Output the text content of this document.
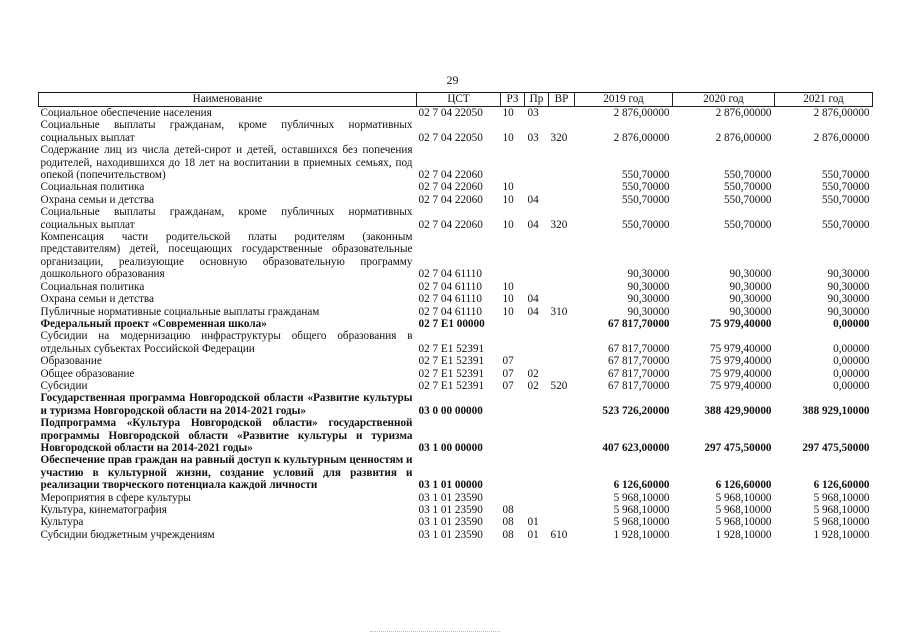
29
Наименование	ЦСТ	РЗ	Пр	ВР	2019 год	2020 год	2021 год

Социальное обеспечение населения	02 7 04 22050	10	03		2 876,00000	2 876,00000	2 876,00000

Социальные выплаты гражданам, кроме публичных нормативных социальных выплат	02 7 04 22050	10	03	320	2 876,00000	2 876,00000	2 876,00000

Содержание лиц из числа детей-сирот и детей, оставшихся без попечения родителей, находившихся до 18 лет на воспитании в приемных семьях, под опекой (попечительством)	02 7 04 22060				550,70000	550,70000	550,70000

Социальная политика	02 7 04 22060	10			550,70000	550,70000	550,70000

Охрана семьи и детства	02 7 04 22060	10	04		550,70000	550,70000	550,70000

Социальные выплаты гражданам, кроме публичных нормативных социальных выплат	02 7 04 22060	10	04	320	550,70000	550,70000	550,70000

Компенсация части родительской платы родителям (законным представителям) детей, посещающих государственные образовательные организации, реализующие основную образовательную программу дошкольного образования	02 7 04 61110				90,30000	90,30000	90,30000

Социальная политика	02 7 04 61110	10			90,30000	90,30000	90,30000

Охрана семьи и детства	02 7 04 61110	10	04		90,30000	90,30000	90,30000

Публичные нормативные социальные выплаты гражданам	02 7 04 61110	10	04	310	90,30000	90,30000	90,30000

Федеральный проект «Современная школа»	02 7 E1 00000				67 817,70000	75 979,40000	0,00000

Субсидии на модернизацию инфраструктуры общего образования в отдельных субъектах Российской Федерации	02 7 E1 52391				67 817,70000	75 979,40000	0,00000

Образование	02 7 E1 52391	07			67 817,70000	75 979,40000	0,00000

Общее образование	02 7 E1 52391	07	02		67 817,70000	75 979,40000	0,00000

Субсидии	02 7 E1 52391	07	02	520	67 817,70000	75 979,40000	0,00000

Государственная программа Новгородской области «Развитие культуры и туризма Новгородской области на 2014-2021 годы»	03 0 00 00000				523 726,20000	388 429,90000	388 929,10000

Подпрограмма «Культура Новгородской области» государственной программы Новгородской области «Развитие культуры и туризма Новгородской области на 2014-2021 годы»	03 1 00 00000				407 623,00000	297 475,50000	297 475,50000

Обеспечение прав граждан на равный доступ к культурным ценностям и участию в культурной жизни, создание условий для развития и реализации творческого потенциала каждой личности	03 1 01 00000				6 126,60000	6 126,60000	6 126,60000

Мероприятия в сфере культуры	03 1 01 23590				5 968,10000	5 968,10000	5 968,10000

Культура, кинематография	03 1 01 23590	08			5 968,10000	5 968,10000	5 968,10000

Культура	03 1 01 23590	08	01		5 968,10000	5 968,10000	5 968,10000

Субсидии бюджетным учреждениям	03 1 01 23590	08	01	610	1 928,10000	1 928,10000	1 928,10000
